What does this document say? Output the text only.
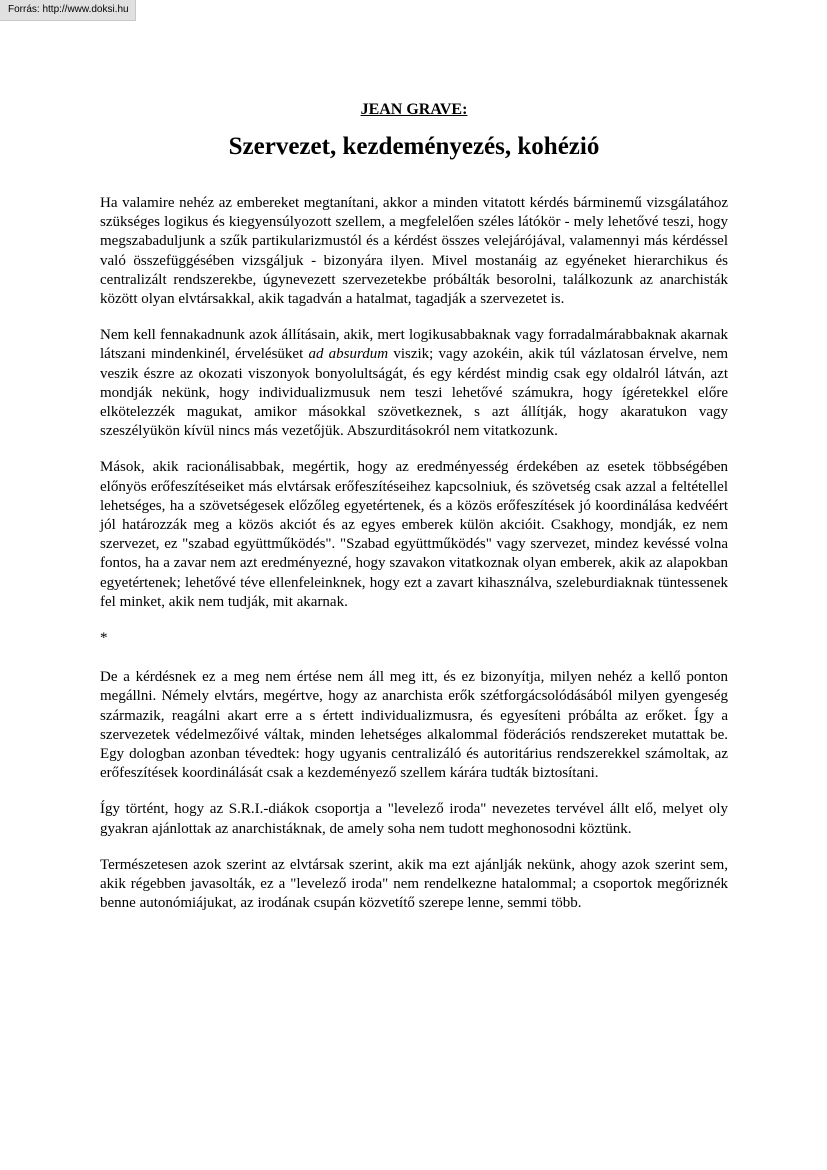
Forrás: http://www.doksi.hu

JEAN GRAVE:

Szervezet, kezdeményezés, kohézió

Ha valamire nehéz az embereket megtanítani, akkor a minden vitatott kérdés bárminemű vizsgálatához szükséges logikus és kiegyensúlyozott szellem, a megfelelően széles látókör - mely lehetővé teszi, hogy megszabaduljunk a szűk partikularizmustól és a kérdést összes velejárójával, valamennyi más kérdéssel való összefüggésében vizsgáljuk - bizonyára ilyen. Mivel mostanáig az egyéneket hierarchikus és centralizált rendszerekbe, úgynevezett szervezetekbe próbálták besorolni, találkozunk az anarchisták között olyan elvtársakkal, akik tagadván a hatalmat, tagadják a szervezetet is.

Nem kell fennakadnunk azok állításain, akik, mert logikusabbaknak vagy forradalmárabbaknak akarnak látszani mindenkinél, érvelésüket ad absurdum viszik; vagy azokéin, akik túl vázlatosan érvelve, nem veszik észre az okozati viszonyok bonyolultságát, és egy kérdést mindig csak egy oldalról látván, azt mondják nekünk, hogy individualizmusuk nem teszi lehetővé számukra, hogy ígéretekkel előre elkötelezzék magukat, amikor másokkal szövetkeznek, s azt állítják, hogy akaratukon vagy szeszélyükön kívül nincs más vezetőjük. Abszurditásokról nem vitatkozunk.

Mások, akik racionálisabbak, megértik, hogy az eredményesség érdekében az esetek többségében előnyös erőfeszítéseiket más elvtársak erőfeszítéseihez kapcsolniuk, és szövetség csak azzal a feltétellel lehetséges, ha a szövetségesek előzőleg egyetértenek, és a közös erőfeszítések jó koordinálása kedvéért jól határozzák meg a közös akciót és az egyes emberek külön akcióit. Csakhogy, mondják, ez nem szervezet, ez "szabad együttműködés". "Szabad együttműködés" vagy szervezet, mindez kevéssé volna fontos, ha a zavar nem azt eredményezné, hogy szavakon vitatkoznak olyan emberek, akik az alapokban egyetértenek; lehetővé téve ellenfeleinknek, hogy ezt a zavart kihasználva, szeleburdiaknak tüntessenek fel minket, akik nem tudják, mit akarnak.

*

De a kérdésnek ez a meg nem értése nem áll meg itt, és ez bizonyítja, milyen nehéz a kellő ponton megállni. Némely elvtárs, megértve, hogy az anarchista erők szétforgácsolódásából milyen gyengeség származik, reagálni akart erre a s értett individualizmusra, és egyesíteni próbálta az erőket. Így a szervezetek védelmezőivé váltak, minden lehetséges alkalommal föderációs rendszereket mutattak be. Egy dologban azonban tévedtek: hogy ugyanis centralizáló és autoritárius rendszerekkel számoltak, az erőfeszítések koordinálását csak a kezdeményező szellem kárára tudták biztosítani.

Így történt, hogy az S.R.I.-diákok csoportja a "levelező iroda" nevezetes tervével állt elő, melyet oly gyakran ajánlottak az anarchistáknak, de amely soha nem tudott meghonosodni köztünk.

Természetesen azok szerint az elvtársak szerint, akik ma ezt ajánlják nekünk, ahogy azok szerint sem, akik régebben javasolták, ez a "levelező iroda" nem rendelkezne hatalommal; a csoportok megőriznék benne autonómiájukat, az irodának csupán közvetítő szerepe lenne, semmi több.
